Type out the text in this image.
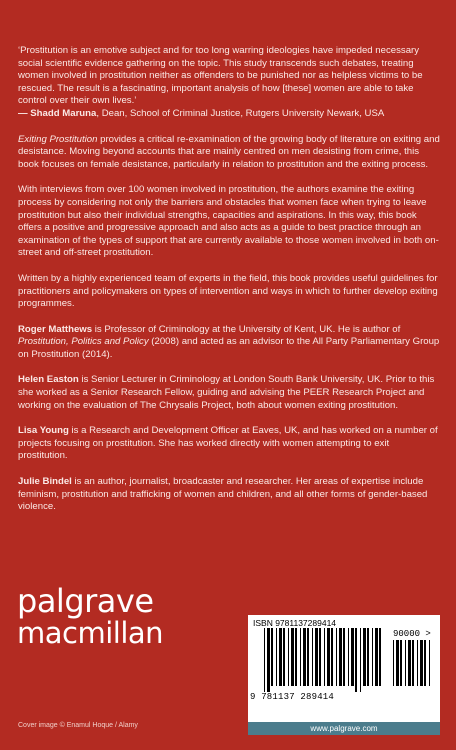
‘Prostitution is an emotive subject and for too long warring ideologies have impeded necessary social scientific evidence gathering on the topic. This study transcends such debates, treating women involved in prostitution neither as offenders to be punished nor as helpless victims to be rescued. The result is a fascinating, important analysis of how [these] women are able to take control over their own lives.’
— Shadd Maruna, Dean, School of Criminal Justice, Rutgers University Newark, USA

Exiting Prostitution provides a critical re-examination of the growing body of literature on exiting and desistance. Moving beyond accounts that are mainly centred on men desisting from crime, this book focuses on female desistance, particularly in relation to prostitution and the exiting process.

With interviews from over 100 women involved in prostitution, the authors examine the exiting process by considering not only the barriers and obstacles that women face when trying to leave prostitution but also their individual strengths, capacities and aspirations. In this way, this book offers a positive and progressive approach and also acts as a guide to best practice through an examination of the types of support that are currently available to those women involved in both on-street and off-street prostitution.

Written by a highly experienced team of experts in the field, this book provides useful guidelines for practitioners and policymakers on types of intervention and ways in which to further develop exiting programmes.

Roger Matthews is Professor of Criminology at the University of Kent, UK. He is author of Prostitution, Politics and Policy (2008) and acted as an advisor to the All Party Parliamentary Group on Prostitution (2014).

Helen Easton is Senior Lecturer in Criminology at London South Bank University, UK. Prior to this she worked as a Senior Research Fellow, guiding and advising the PEER Research Project and working on the evaluation of The Chrysalis Project, both about women exiting prostitution.

Lisa Young is a Research and Development Officer at Eaves, UK, and has worked on a number of projects focusing on prostitution. She has worked directly with women attempting to exit prostitution.

Julie Bindel is an author, journalist, broadcaster and researcher. Her areas of expertise include feminism, prostitution and trafficking of women and children, and all other forms of gender-based violence.

palgrave
macmillan
Cover image © Enamul Hoque / Alamy
ISBN 9781137289414
90000 >
9 781137 289414
www.palgrave.com
